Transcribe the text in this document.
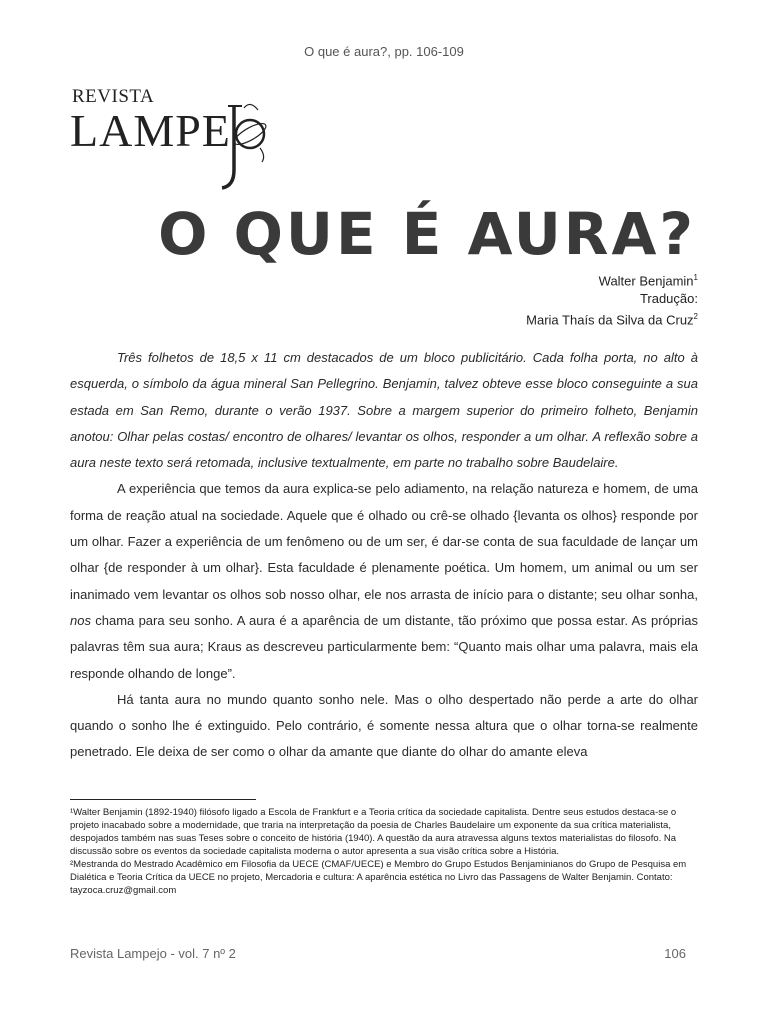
O que é aura?, pp. 106-109
REVISTA
LAMPE
O QUE É AURA?
Walter Benjamin$^1$
Tradução:
Maria Thaís da Silva da Cruz$^2$

Três folhetos de 18,5 x 11 cm destacados de um bloco publicitário. Cada folha porta, no alto à esquerda, o símbolo da água mineral San Pellegrino. Benjamin, talvez obteve esse bloco conseguinte a sua estada em San Remo, durante o verão 1937. Sobre a margem superior do primeiro folheto, Benjamin anotou: Olhar pelas costas/ encontro de olhares/ levantar os olhos, responder a um olhar. A reflexão sobre a aura neste texto será retomada, inclusive textualmente, em parte no trabalho sobre Baudelaire.

A experiência que temos da aura explica-se pelo adiamento, na relação natureza e homem, de uma forma de reação atual na sociedade. Aquele que é olhado ou crê-se olhado {levanta os olhos} responde por um olhar. Fazer a experiência de um fenômeno ou de um ser, é dar-se conta de sua faculdade de lançar um olhar {de responder à um olhar}. Esta faculdade é plenamente poética. Um homem, um animal ou um ser inanimado vem levantar os olhos sob nosso olhar, ele nos arrasta de início para o distante; seu olhar sonha, nos chama para seu sonho. A aura é a aparência de um distante, tão próximo que possa estar. As próprias palavras têm sua aura; Kraus as descreveu particularmente bem: “Quanto mais olhar uma palavra, mais ela responde olhando de longe”.

Há tanta aura no mundo quanto sonho nele. Mas o olho despertado não perde a arte do olhar quando o sonho lhe é extinguido. Pelo contrário, é somente nessa altura que o olhar torna-se realmente penetrado. Ele deixa de ser como o olhar da amante que diante do olhar do amante eleva

¹Walter Benjamin (1892-1940) filósofo ligado a Escola de Frankfurt e a Teoria crítica da sociedade capitalista. Dentre seus estudos destaca-se o projeto inacabado sobre a modernidade, que traria na interpretação da poesia de Charles Baudelaire um exponente da sua crítica materialista, despojados também nas suas Teses sobre o conceito de história (1940). A questão da aura atravessa alguns textos materialistas do filosofo. Na discussão sobre os eventos da sociedade capitalista moderna o autor apresenta a sua visão crítica sobre a História.

²Mestranda do Mestrado Acadêmico em Filosofia da UECE (CMAF/UECE) e Membro do Grupo Estudos Benjaminianos do Grupo de Pesquisa em Dialética e Teoria Crítica da UECE no projeto, Mercadoria e cultura: A aparência estética no Livro das Passagens de Walter Benjamin. Contato: tayzoca.cruz@gmail.com

Revista Lampejo - vol. 7 nº 2	106
